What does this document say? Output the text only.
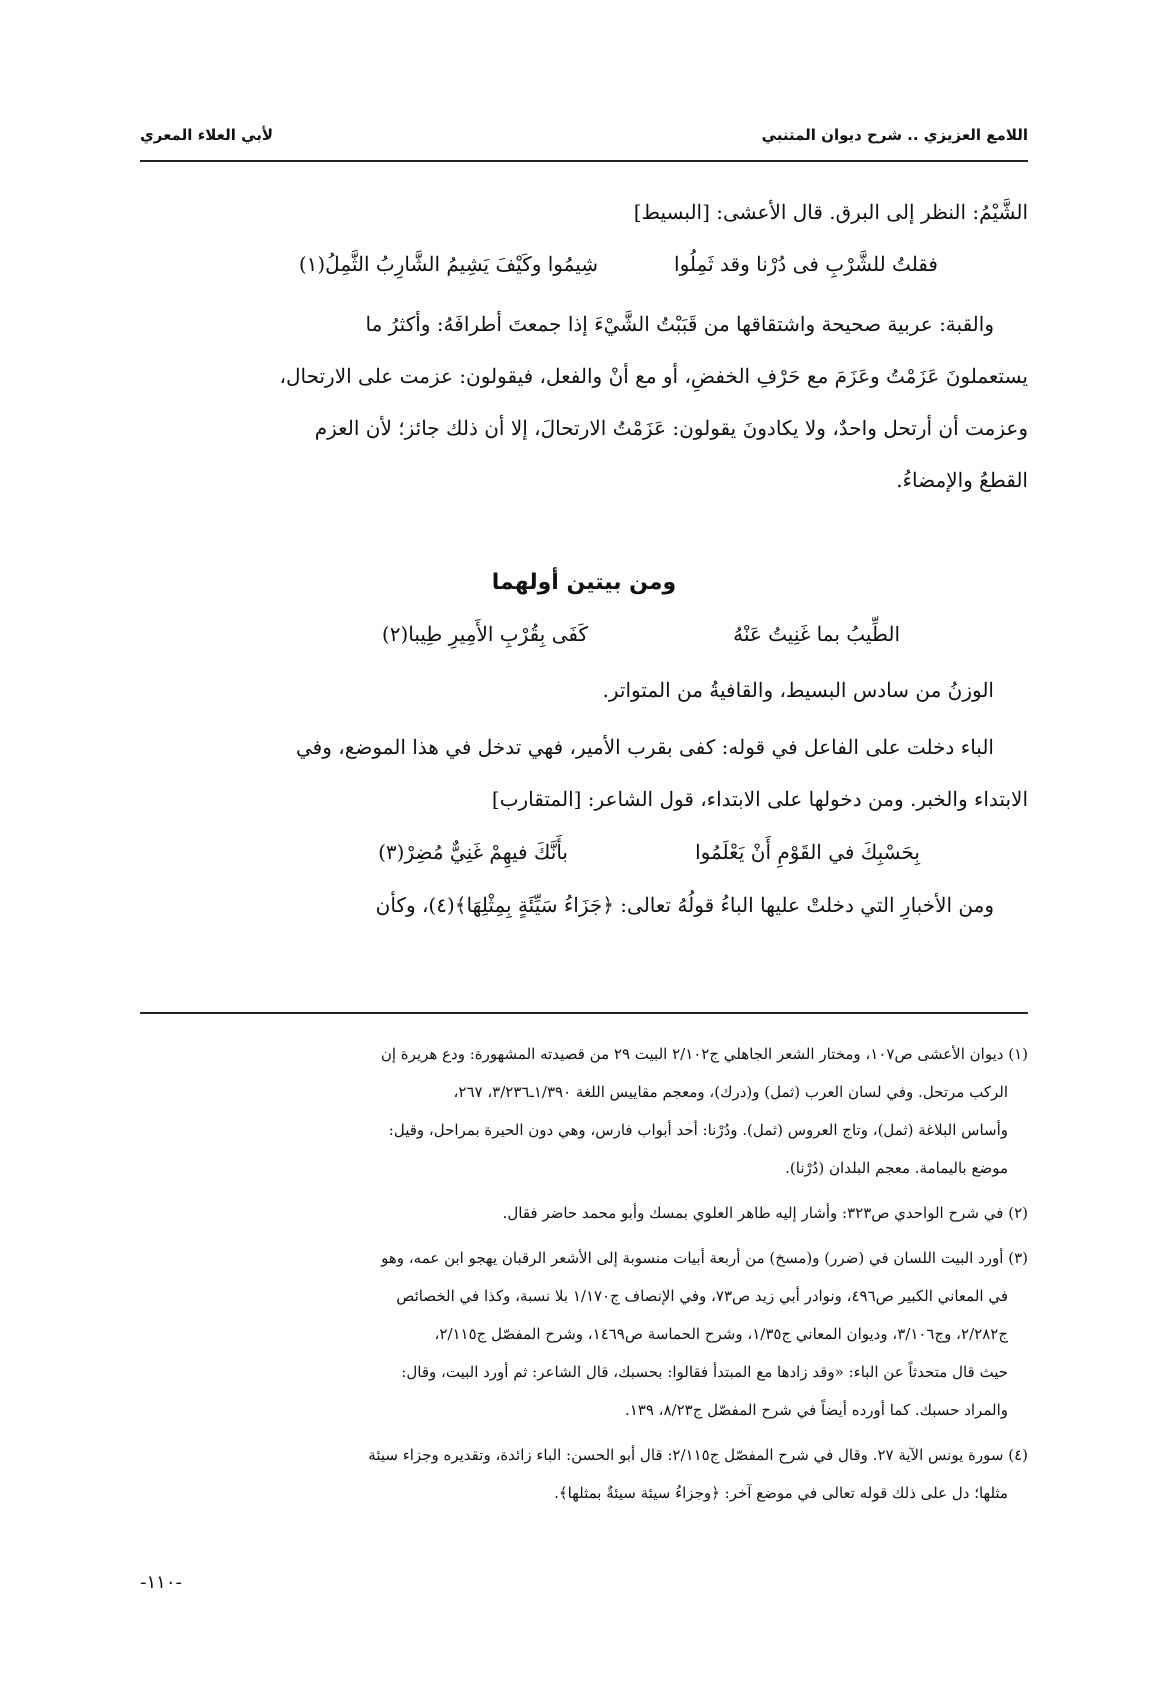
اللامع العزيزي .. شرح ديوان المتنبي
لأبي العلاء المعري
الشَّيْمُ: النظر إلى البرق. قال الأعشى: [البسيط]
فقلتُ للشَّرْبِ فى دُرْنا وقد ثَمِلُوا
شِيمُوا وكَيْفَ يَشِيمُ الشَّارِبُ الثَّمِلُ(١)
والقبة: عربية صحيحة واشتقاقها من قَبَبْتُ الشَّيْءَ إذا جمعتَ أطرافَهُ: وأكثرُ ما
يستعملونَ عَزَمْتُ وعَزَمَ مع حَرْفِ الخفضِ، أو مع أنْ والفعل، فيقولون: عزمت على الارتحال،
وعزمت أن أرتحل واحدٌ، ولا يكادونَ يقولون: عَزَمْتُ الارتحالَ، إلا أن ذلك جائز؛ لأن العزم
القطعُ والإمضاءُ.
الطِّيبُ بما غَنِيتُ عَنْهُ
كَفَى بِقُرْبِ الأَمِيرِ طِيبا(٢)
الوزنُ من سادس البسيط، والقافيةُ من المتواتر.
الباء دخلت على الفاعل في قوله: كفى بقرب الأمير، فهي تدخل في هذا الموضع، وفي
الابتداء والخبر. ومن دخولها على الابتداء، قول الشاعر: [المتقارب]
بِحَسْبِكَ في القَوْمِ أَنْ يَعْلَمُوا
بأَنَّكَ فيهِمْ غَنِيٌّ مُضِرْ(٣)
ومن الأخبارِ التي دخلتْ عليها الباءُ قولُهُ تعالى: ﴿جَزَاءُ سَيِّئَةٍ بِمِثْلِهَا﴾(٤)، وكأن
ومن بيتين أولهما
(١) ديوان الأعشى ص١٠٧، ومختار الشعر الجاهلي ج٢/١٠٢ البيت ٢٩ من قصيدته المشهورة: ودع هريرة إن
الركب مرتحل. وفي لسان العرب (ثمل) و(درك)، ومعجم مقاييس اللغة ١/٣٩٠ـ٣/٢٣٦، ٢٦٧،
وأساس البلاغة (ثمل)، وتاج العروس (ثمل). ودُرْنا: أحد أبواب فارس، وهي دون الحيرة بمراحل، وقيل:
موضع باليمامة. معجم البلدان (دُرْنا).
(٢) في شرح الواحدي ص٣٢٣: وأشار إليه طاهر العلوي بمسك وأبو محمد حاضر فقال.
(٣) أورد البيت اللسان في (ضرر) و(مسخ) من أربعة أبيات منسوبة إلى الأشعر الرقبان يهجو ابن عمه، وهو
في المعاني الكبير ص٤٩٦، ونوادر أبي زيد ص٧٣، وفي الإنصاف ج١/١٧٠ بلا نسبة، وكذا في الخصائص
ج٢/٢٨٢، وج٣/١٠٦، وديوان المعاني ج١/٣٥، وشرح الحماسة ص١٤٦٩، وشرح المفصّل ج٢/١١٥،
حيث قال متحدثاً عن الباء: «وقد زادها مع المبتدأ فقالوا: بحسبك، قال الشاعر: ثم أورد البيت، وقال:
والمراد حسبك. كما أورده أيضاً في شرح المفصّل ج٨/٢٣، ١٣٩.
(٤) سورة يونس الآية ٢٧. وقال في شرح المفصّل ج٢/١١٥: قال أبو الحسن: الباء زائدة، وتقديره وجزاء سيئة
مثلها؛ دل على ذلك قوله تعالى في موضع آخر: ﴿وجزاءُ سيئة سيئةٌ بمثلها﴾.
-١١٠-
